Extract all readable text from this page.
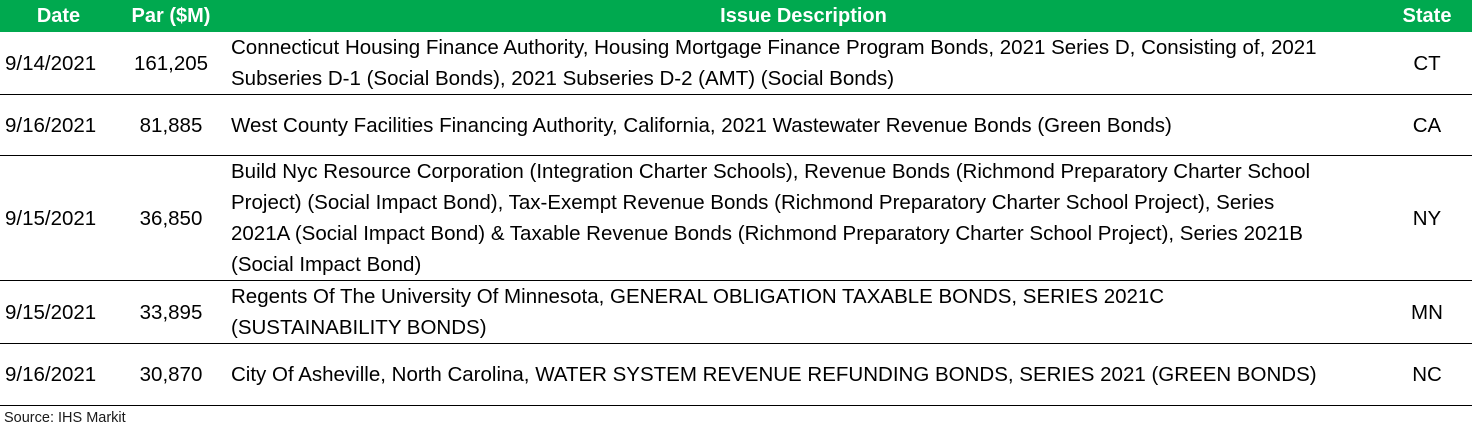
Date	Par ($M)	Issue Description	State
9/14/2021	161,205	Connecticut Housing Finance Authority, Housing Mortgage Finance Program Bonds, 2021 Series D, Consisting of, 2021 Subseries D-1 (Social Bonds), 2021 Subseries D-2 (AMT) (Social Bonds)	CT
9/16/2021	81,885	West County Facilities Financing Authority, California, 2021 Wastewater Revenue Bonds (Green Bonds)	CA
9/15/2021	36,850	Build Nyc Resource Corporation (Integration Charter Schools), Revenue Bonds (Richmond Preparatory Charter School Project) (Social Impact Bond), Tax-Exempt Revenue Bonds (Richmond Preparatory Charter School Project), Series 2021A (Social Impact Bond) & Taxable Revenue Bonds (Richmond Preparatory Charter School Project), Series 2021B (Social Impact Bond)	NY
9/15/2021	33,895	Regents Of The University Of Minnesota, GENERAL OBLIGATION TAXABLE BONDS, SERIES 2021C (SUSTAINABILITY BONDS)	MN
9/16/2021	30,870	City Of Asheville, North Carolina, WATER SYSTEM REVENUE REFUNDING BONDS, SERIES 2021 (GREEN BONDS)	NC
Source: IHS Markit
